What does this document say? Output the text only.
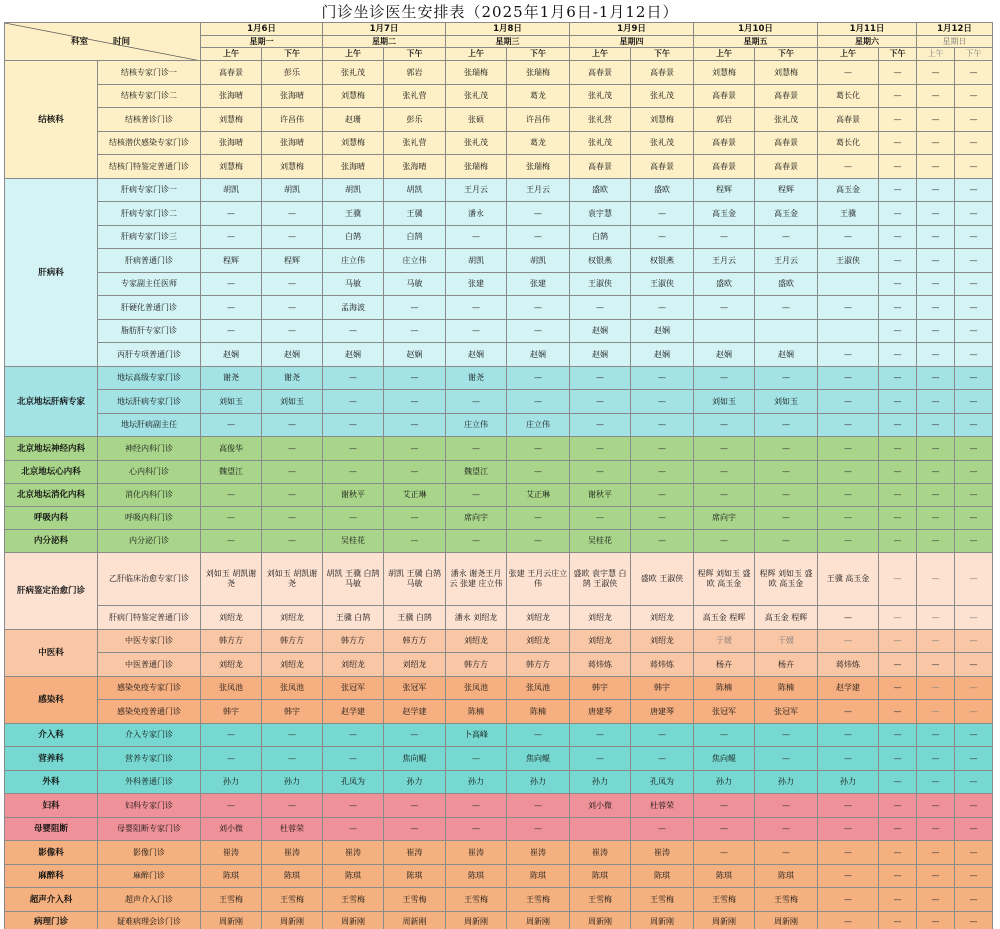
门诊坐诊医生安排表（2025年1月6日-1月12日）
科室 时间		1月6日		1月7日		1月8日		1月9日		1月10日		1月11日		1月12日	
		星期一		星期二		星期三		星期四		星期五		星期六		星期日	
		上午	下午	上午	下午	上午	下午	上午	下午	上午	下午	上午	下午	上午	下午
结核科	结核专家门诊一	高春景	彭乐	张礼茂	郭岩	张瑞梅	张瑞梅	高春景	高春景	刘慧梅	刘慧梅	—	—	—	—
	结核专家门诊二	张海晴	张海晴	刘慧梅	张礼营	张礼茂	葛龙	张礼茂	张礼茂	高春景	高春景	葛长化	—	—	—
	结核普诊门诊	刘慧梅	许昌伟	赵珊	彭乐	张硕	许昌伟	张礼营	刘慧梅	郭岩	张礼茂	高春景	—	—	—
	结核潜伏感染专家门诊	张海晴	张海晴	刘慧梅	张礼营	张礼茂	葛龙	张礼茂	张礼茂	高春景	高春景	葛长化	—	—	—
	结核门特鉴定普通门诊	刘慧梅	刘慧梅	张海晴	张海晴	张瑞梅	张瑞梅	高春景	高春景	高春景	高春景	—	—	—	—
肝病科	肝病专家门诊一	胡凯	胡凯	胡凯	胡凯	王月云	王月云	盛欧	盛欧	程辉	程辉	高玉金	—	—	—
	肝病专家门诊二	—	—	王骥	王骥	潘永	—	袁宇慧	—	高玉金	高玉金	王骥	—	—	—
	肝病专家门诊三	—	—	白鹄	白鹄	—	—	白鹄	—	—	—	—	—	—	—
	肝病普通门诊	程辉	程辉	庄立伟	庄立伟	胡凯	胡凯	权银燕	权银燕	王月云	王月云	王淑侠	—	—	—
	专家副主任医师	—	—	马敏	马敏	张建	张建	王淑侠	王淑侠	盛欧	盛欧		—	—	—
	肝硬化普通门诊	—	—	孟海波	—	—	—	—	—	—	—	—	—	—	—
	脂肪肝专家门诊	—	—	—	—	—	—	赵娴	赵娴				—	—	—
	丙肝专项普通门诊	赵娴	赵娴	赵娴	赵娴	赵娴	赵娴	赵娴	赵娴	赵娴	赵娴	—	—	—	—
北京地坛肝病专家	地坛高级专家门诊	谢尧	谢尧	—	—	谢尧	—	—	—	—	—	—	—	—	—
	地坛肝病专家门诊	刘如玉	刘如玉	—	—	—	—	—	—	刘如玉	刘如玉	—	—	—	—
	地坛肝病副主任	—	—	—	—	庄立伟	庄立伟	—	—	—	—	—	—	—	—
北京地坛神经内科	神经内科门诊	高俊华	—	—	—	—	—	—	—	—	—	—	—	—	—
北京地坛心内科	心内科门诊	魏望江	—	—	—	魏望江	—	—	—	—	—	—	—	—	—
北京地坛消化内科	消化内科门诊	—	—	谢秋平	艾正琳	—	艾正琳	谢秋平	—	—	—	—	—	—	—
呼吸内科	呼吸内科门诊	—	—	—	—	席向宇	—	—	—	席向宇	—	—	—	—	—
内分泌科	内分泌门诊	—	—	吴桂花	—	—	—	吴桂花	—	—	—	—	—	—	—
肝病鉴定治愈门诊	乙肝临床治愈专家门诊	刘如玉 胡凯谢尧	刘如玉 胡凯谢尧	胡凯 王骥 白鹄 马敏	胡凯 王骥 白鹄 马敏	潘永 谢尧王月云 张建 庄立伟	张建 王月云庄立伟	盛欧 袁宇慧 白鹄 王淑侠	盛欧 王淑侠	程辉 刘如玉 盛欧 高玉金	程辉 刘如玉 盛欧 高玉金	王骥 高玉金	—	—	—
	肝病门特鉴定普通门诊	刘绍龙	刘绍龙	王骥 白鹄	王骥 白鹄	潘永 刘绍龙	刘绍龙	刘绍龙	刘绍龙	高玉金 程辉	高玉金 程辉	—	—	—	—
中医科	中医专家门诊	韩方方	韩方方	韩方方	韩方方	刘绍龙	刘绍龙	刘绍龙	刘绍龙	于媛	于媛	—	—	—	—
	中医普通门诊	刘绍龙	刘绍龙	刘绍龙	刘绍龙	韩方方	韩方方	蒋炜炼	蒋炜炼	杨卉	杨卉	蒋炜炼	—	—	—
感染科	感染免疫专家门诊	张凤池	张凤池	张冠军	张冠军	张凤池	张凤池	韩宇	韩宇	陈楠	陈楠	赵学建	—	—	—
	感染免疫普通门诊	韩宇	韩宇	赵学建	赵学建	陈楠	陈楠	唐建琴	唐建琴	张冠军	张冠军	—	—	—	—
介入科	介入专家门诊	—	—	—	—	卜高峰	—	—	—	—	—	—	—	—	—
营养科	营养专家门诊	—	—	—	焦向鲲	—	焦向鲲	—	—	焦向鲲	—	—	—	—	—
外科	外科普通门诊	孙力	孙力	孔凤为	孙力	孙力	孙力	孙力	孔凤为	孙力	孙力	孙力	—	—	—
妇科	妇科专家门诊	—	—	—	—	—	—	刘小微	杜蓉荣	—	—	—	—	—	—
母婴阻断	母婴阻断专家门诊	刘小微	杜蓉荣	—	—	—	—		—	—	—	—	—	—	—
影像科	影像门诊	崔涛	崔涛	崔涛	崔涛	崔涛	崔涛	崔涛	崔涛	—	—	—	—	—	—
麻醉科	麻醉门诊	陈琪	陈琪	陈琪	陈琪	陈琪	陈琪	陈琪	陈琪	陈琪	陈琪	—	—	—	—
超声介入科	超声介入门诊	王雪梅	王雪梅	王雪梅	王雪梅	王雪梅	王雪梅	王雪梅	王雪梅	王雪梅	王雪梅	—	—	—	—
病理门诊	疑难病理会诊门诊	周新刚	周新刚	周新刚	周新刚	周新刚	周新刚	周新刚	周新刚	周新刚	周新刚	—	—	—	—
